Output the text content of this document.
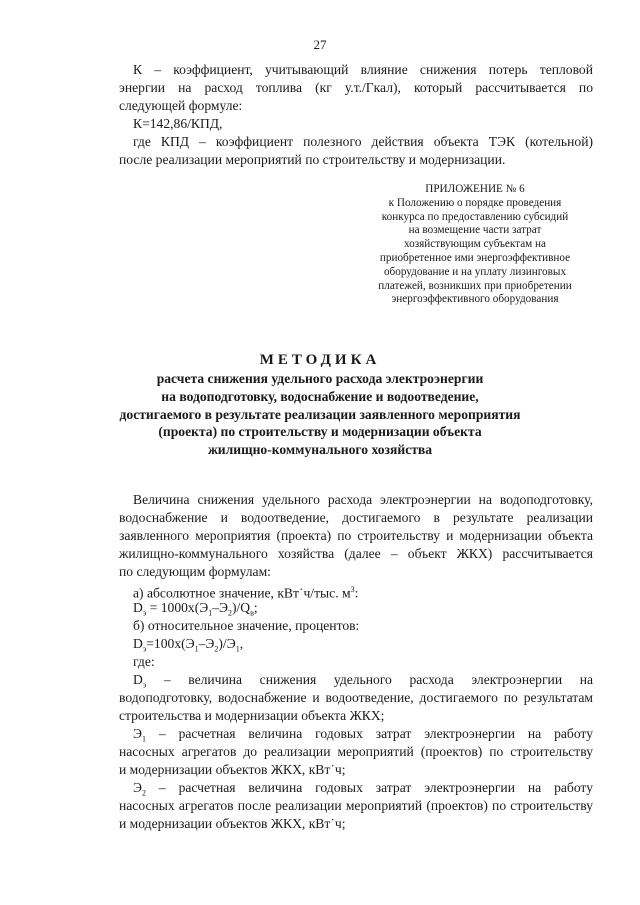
27
К – коэффициент, учитывающий влияние снижения потерь тепловой
энергии на расход топлива (кг у.т./Гкал), который рассчитывается по
следующей формуле:
К=142,86/КПД,
где КПД – коэффициент полезного действия объекта ТЭК (котельной)
после реализации мероприятий по строительству и модернизации.
ПРИЛОЖЕНИЕ № 6
к Положению о порядке проведения
конкурса по предоставлению субсидий
на возмещение части затрат
хозяйствующим субъектам на
приобретенное ими энергоэффективное
оборудование и на уплату лизинговых
платежей, возникших при приобретении
энергоэффективного оборудования
МЕТОДИКА
расчета снижения удельного расхода электроэнергии
на водоподготовку, водоснабжение и водоотведение,
достигаемого в результате реализации заявленного мероприятия
(проекта) по строительству и модернизации объекта
жилищно-коммунального хозяйства
Величина снижения удельного расхода электроэнергии на водоподготовку,
водоснабжение и водоотведение, достигаемого в результате реализации
заявленного мероприятия (проекта) по строительству и модернизации объекта
жилищно-коммунального хозяйства (далее – объект ЖКХ) рассчитывается
по следующим формулам:
а) абсолютное значение, кВт˙ч/тыс. $м^3$:
$D_э = 1000х(Э_1-Э_2)/Q_в$;
б) относительное значение, процентов:
$D_э=100х(Э_1-Э_2)/Э_1$,
где:
$D_э$ – величина снижения удельного расхода электроэнергии на
водоподготовку, водоснабжение и водоотведение, достигаемого по результатам
строительства и модернизации объекта ЖКХ;
$Э_1$ – расчетная величина годовых затрат электроэнергии на работу
насосных агрегатов до реализации мероприятий (проектов) по строительству
и модернизации объектов ЖКХ, кВт˙ч;
$Э_2$ – расчетная величина годовых затрат электроэнергии на работу
насосных агрегатов после реализации мероприятий (проектов) по строительству
и модернизации объектов ЖКХ, кВт˙ч;
